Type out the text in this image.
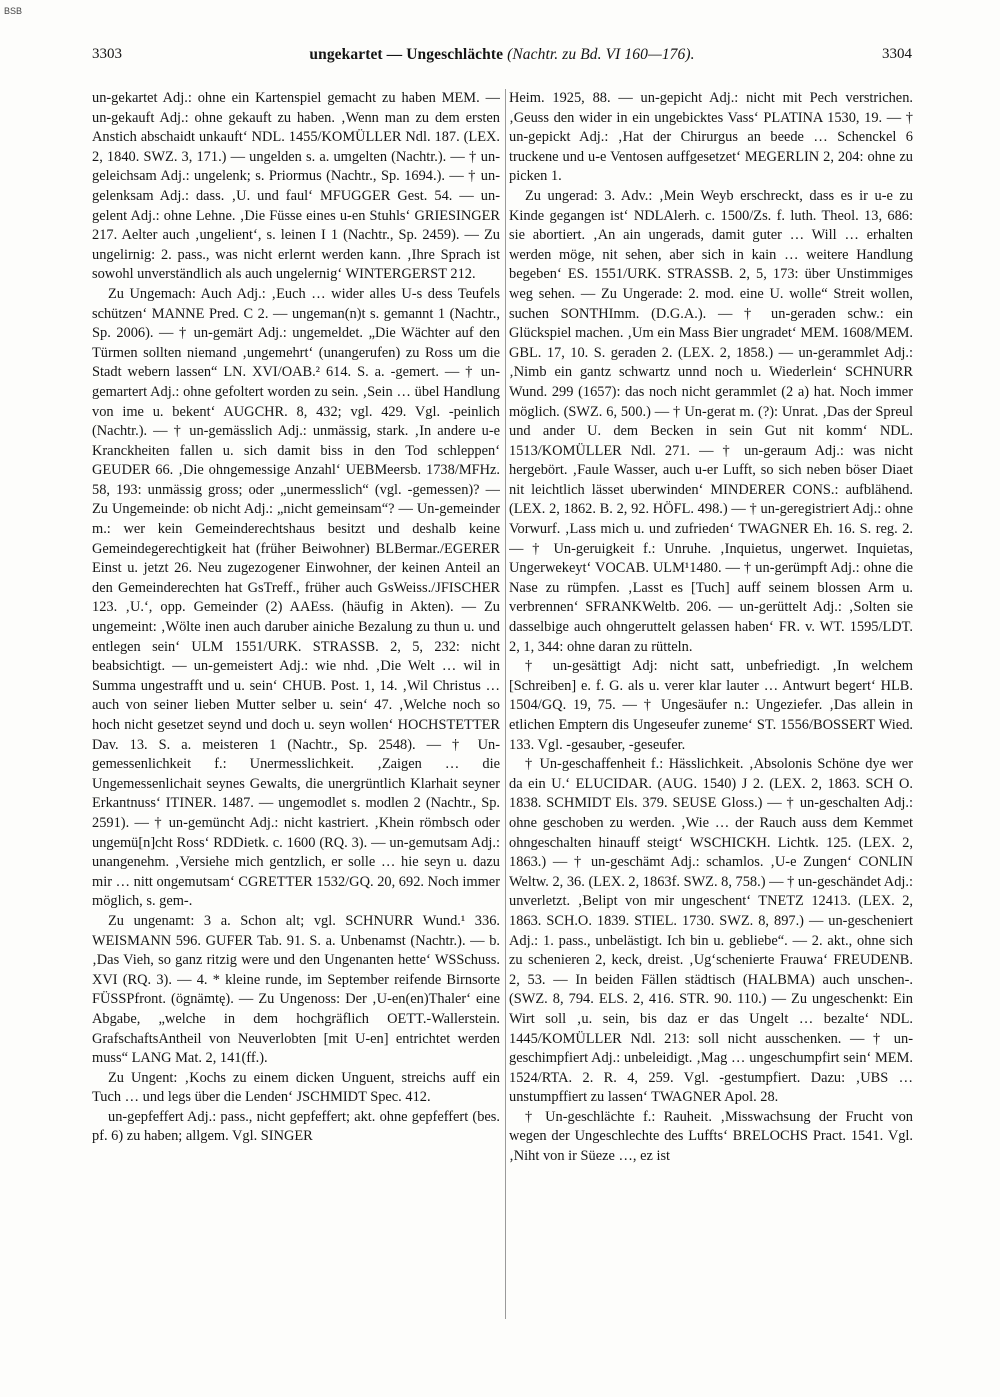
BSB
3303	ungekartet — Ungeschlächte (Nachtr. zu Bd. VI 160—176).	3304

un-gekartet Adj.: ohne ein Kartenspiel gemacht zu haben MEM. — un-gekauft Adj.: ohne gekauft zu haben. ‚Wenn man zu dem ersten Anstich abschaidt unkauft‘ NDL. 1455/KOMÜLLER Ndl. 187. (LEX. 2, 1840. SWZ. 3, 171.) — ungelden s. a. umgelten (Nachtr.). — † un-geleichsam Adj.: ungelenk; s. Priormus (Nachtr., Sp. 1694.). — † un-gelenksam Adj.: dass. ‚U. und faul‘ MFUGGER Gest. 54. — un-gelent Adj.: ohne Lehne. ‚Die Füsse eines u-en Stuhls‘ GRIESINGER 217. Aelter auch ‚ungelient‘, s. leinen I 1 (Nachtr., Sp. 2459). — Zu ungelirnig: 2. pass., was nicht erlernt werden kann. ‚Ihre Sprach ist sowohl unverständlich als auch ungelernig‘ WINTERGERST 212.

Zu Ungemach: Auch Adj.: ‚Euch … wider alles U-s dess Teufels schützen‘ MANNE Pred. C 2. — ungeman(n)t s. gemannt 1 (Nachtr., Sp. 2006). — † un-gemärt Adj.: ungemeldet. „Die Wächter auf den Türmen sollten niemand ‚ungemehrt‘ (unangerufen) zu Ross um die Stadt webern lassen“ LN. XVI/OAB.² 614. S. a. -gemert. — † un-gemartert Adj.: ohne gefoltert worden zu sein. ‚Sein … übel Handlung von ime u. bekent‘ AUGCHR. 8, 432; vgl. 429. Vgl. -peinlich (Nachtr.). — † un-gemässlich Adj.: unmässig, stark. ‚In andere u-e Kranckheiten fallen u. sich damit biss in den Tod schleppen‘ GEUDER 66. ‚Die ohngemessige Anzahl‘ UEBMeersb. 1738/MFHz. 58, 193: unmässig gross; oder „unermesslich“ (vgl. -gemessen)? — Zu Ungemeinde: ob nicht Adj.: „nicht gemeinsam“? — Un-gemeinder m.: wer kein Gemeinderechtshaus besitzt und deshalb keine Gemeindegerechtigkeit hat (früher Beiwohner) BLBermar./EGERER Einst u. jetzt 26. Neu zugezogener Einwohner, der keinen Anteil an den Gemeinderechten hat GsTreff., früher auch GsWeiss./JFISCHER 123. ‚U.‘, opp. Gemeinder (2) AAEss. (häufig in Akten). — Zu ungemeint: ‚Wölte inen auch daruber ainiche Bezalung zu thun u. und entlegen sein‘ ULM 1551/URK. STRASSB. 2, 5, 232: nicht beabsichtigt. — un-gemeistert Adj.: wie nhd. ‚Die Welt … wil in Summa ungestrafft und u. sein‘ CHUB. Post. 1, 14. ‚Wil Christus … auch von seiner lieben Mutter selber u. sein‘ 47. ‚Welche noch so hoch nicht gesetzet seynd und doch u. seyn wollen‘ HOCHSTETTER Dav. 13. S. a. meisteren 1 (Nachtr., Sp. 2548). — † Un-gemessenlichkeit f.: Unermesslichkeit. ‚Zaigen … die Ungemessenlichait seynes Gewalts, die unergrüntlich Klarhait seyner Erkantnuss‘ ITINER. 1487. — ungemodlet s. modlen 2 (Nachtr., Sp. 2591). — † un-gemüncht Adj.: nicht kastriert. ‚Khein römbsch oder ungemü[n]cht Ross‘ RDDietk. c. 1600 (RQ. 3). — un-gemutsam Adj.: unangenehm. ‚Versiehe mich gentzlich, er solle … hie seyn u. dazu mir … nitt ongemutsam‘ CGRETTER 1532/GQ. 20, 692. Noch immer möglich, s. gem-.

Zu ungenamt: 3 a. Schon alt; vgl. SCHNURR Wund.¹ 336. WEISMANN 596. GUFER Tab. 91. S. a. Unbenamst (Nachtr.). — b. ‚Das Vieh, so ganz ritzig were und den Ungenanten hette‘ WSSchuss. XVI (RQ. 3). — 4. * kleine runde, im September reifende Birnsorte FÜSSPfront. (ögnämtę). — Zu Ungenoss: Der ‚U-en(en)Thaler‘ eine Abgabe, „welche in dem hochgräflich OETT.-Wallerstein. GrafschaftsAntheil von Neuverlobten [mit U-en] entrichtet werden muss“ LANG Mat. 2, 141(ff.).

Zu Ungent: ‚Kochs zu einem dicken Unguent, streichs auff ein Tuch … und legs über die Lenden‘ JSCHMIDT Spec. 412.

un-gepfeffert Adj.: pass., nicht gepfeffert; akt. ohne gepfeffert (bes. pf. 6) zu haben; allgem. Vgl. SINGER

Heim. 1925, 88. — un-gepicht Adj.: nicht mit Pech verstrichen. ‚Geuss den wider in ein ungebicktes Vass‘ PLATINA 1530, 19. — † un-gepickt Adj.: ‚Hat der Chirurgus an beede … Schenckel 6 truckene und u-e Ventosen auffgesetzet‘ MEGERLIN 2, 204: ohne zu picken 1.

Zu ungerad: 3. Adv.: ‚Mein Weyb erschreckt, dass es ir u-e zu Kinde gegangen ist‘ NDLAlerh. c. 1500/Zs. f. luth. Theol. 13, 686: sie abortiert. ‚An ain ungerads, damit guter … Will … erhalten werden möge, nit sehen, aber sich in kain … weitere Handlung begeben‘ ES. 1551/URK. STRASSB. 2, 5, 173: über Unstimmiges weg sehen. — Zu Ungerade: 2. mod. eine U. wolle“ Streit wollen, suchen SONTHImm. (D.G.A.). — † un-geraden schw.: ein Glückspiel machen. ‚Um ein Mass Bier ungradet‘ MEM. 1608/MEM. GBL. 17, 10. S. geraden 2. (LEX. 2, 1858.) — un-gerammlet Adj.: ‚Nimb ein gantz schwartz unnd noch u. Wiederlein‘ SCHNURR Wund. 299 (1657): das noch nicht gerammlet (2 a) hat. Noch immer möglich. (SWZ. 6, 500.) — † Un-gerat m. (?): Unrat. ‚Das der Spreul und ander U. dem Becken in sein Gut nit komm‘ NDL. 1513/KOMÜLLER Ndl. 271. — † un-geraum Adj.: was nicht hergebört. ‚Faule Wasser, auch u-er Lufft, so sich neben böser Diaet nit leichtlich lässet uberwinden‘ MINDERER CONS.: aufblähend. (LEX. 2, 1862. B. 2, 92. HÖFL. 498.) — † un-geregistriert Adj.: ohne Vorwurf. ‚Lass mich u. und zufrieden‘ TWAGNER Eh. 16. S. reg. 2. — † Un-geruigkeit f.: Unruhe. ‚Inquietus, ungerwet. Inquietas, Ungerwekeyt‘ VOCAB. ULM¹1480. — † un-gerümpft Adj.: ohne die Nase zu rümpfen. ‚Lasst es [Tuch] auff seinem blossen Arm u. verbrennen‘ SFRANKWeltb. 206. — un-gerüttelt Adj.: ‚Solten sie dasselbige auch ohngeruttelt gelassen haben‘ FR. v. WT. 1595/LDT. 2, 1, 344: ohne daran zu rütteln.

† un-gesättigt Adj: nicht satt, unbefriedigt. ‚In welchem [Schreiben] e. f. G. als u. verer klar lauter … Antwurt begert‘ HLB. 1504/GQ. 19, 75. — † Ungesäufer n.: Ungeziefer. ‚Das allein in etlichen Emptern dis Ungeseufer zuneme‘ ST. 1556/BOSSERT Wied. 133. Vgl. -gesauber, -geseufer.

† Un-geschaffenheit f.: Hässlichkeit. ‚Absolonis Schöne dye wer da ein U.‘ ELUCIDAR. (AUG. 1540) J 2. (LEX. 2, 1863. SCH O. 1838. SCHMIDT Els. 379. SEUSE Gloss.) — † un-geschalten Adj.: ohne geschoben zu werden. ‚Wie … der Rauch auss dem Kemmet ohngeschalten hinauff steigt‘ WSCHICKH. Lichtk. 125. (LEX. 2, 1863.) — † un-geschämt Adj.: schamlos. ‚U-e Zungen‘ CONLIN Weltw. 2, 36. (LEX. 2, 1863f. SWZ. 8, 758.) — † un-geschändet Adj.: unverletzt. ‚Belipt von mir ungeschent‘ TNETZ 12413. (LEX. 2, 1863. SCH.O. 1839. STIEL. 1730. SWZ. 8, 897.) — un-gescheniert Adj.: 1. pass., unbelästigt. Ich bin u. gebliebe“. — 2. akt., ohne sich zu schenieren 2, keck, dreist. ‚Ug‘schenierte Frauwa‘ FREUDENB. 2, 53. — In beiden Fällen städtisch (HALBMA) auch unschen-. (SWZ. 8, 794. ELS. 2, 416. STR. 90. 110.) — Zu ungeschenkt: Ein Wirt soll ‚u. sein, bis daz er das Ungelt … bezalte‘ NDL. 1445/KOMÜLLER Ndl. 213: soll nicht ausschenken. — † un-geschimpfiert Adj.: unbeleidigt. ‚Mag … ungeschumpfirt sein‘ MEM. 1524/RTA. 2. R. 4, 259. Vgl. -gestumpfiert. Dazu: ‚UBS … unstumpffiert zu lassen‘ TWAGNER Apol. 28.

† Un-geschlächte f.: Rauheit. ‚Misswachsung der Frucht von wegen der Ungeschlechte des Luffts‘ BRELOCHS Pract. 1541. Vgl. ‚Niht von ir Süeze …, ez ist
